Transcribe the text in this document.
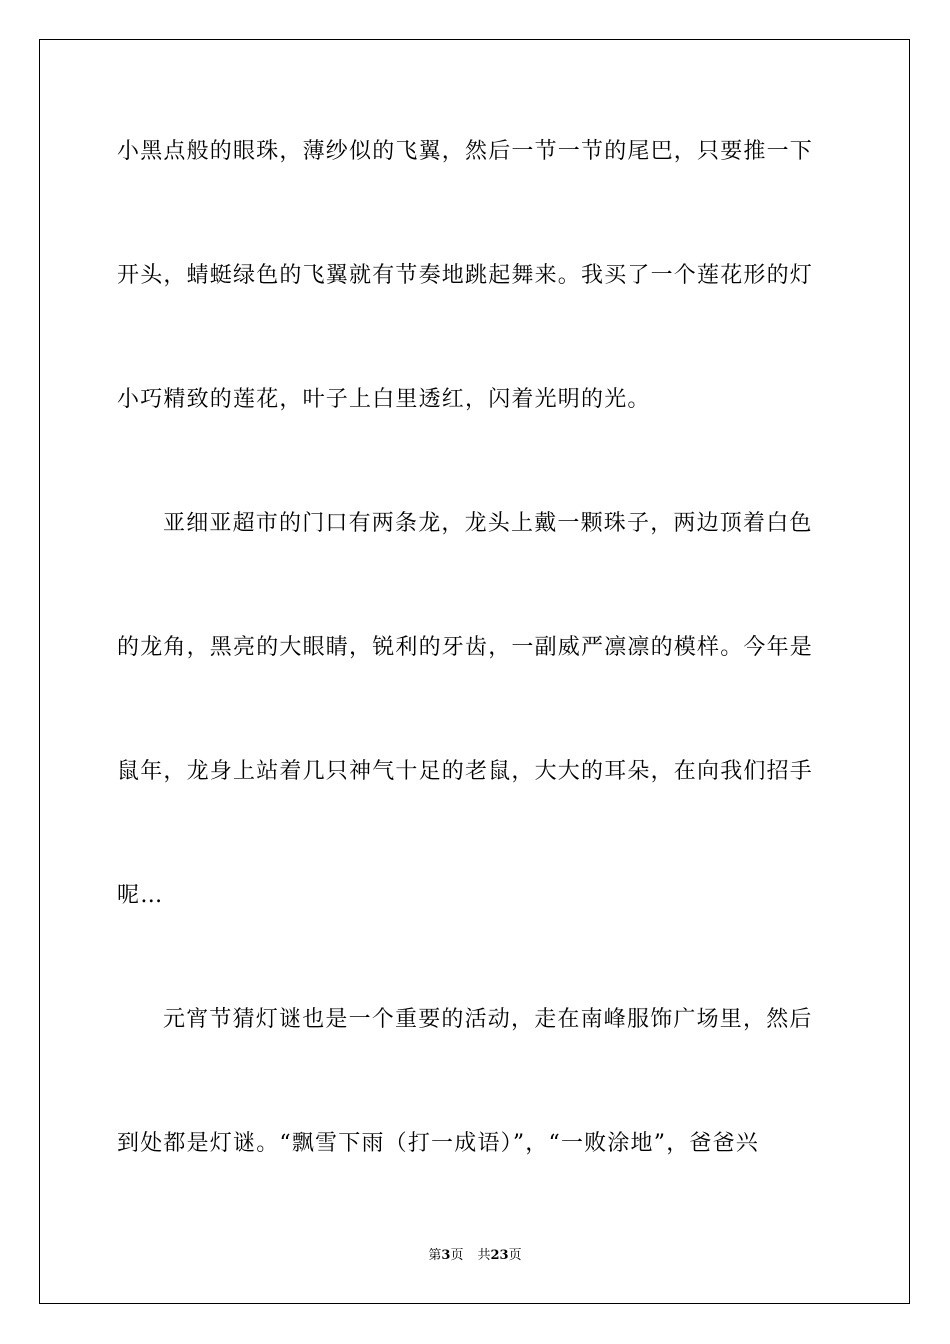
小黑点般的眼珠，薄纱似的飞翼，然后一节一节的尾巴，只要推一下
开头，蜻蜓绿色的飞翼就有节奏地跳起舞来。我买了一个莲花形的灯
小巧精致的莲花，叶子上白里透红，闪着光明的光。
亚细亚超市的门口有两条龙，龙头上戴一颗珠子，两边顶着白色
的龙角，黑亮的大眼睛，锐利的牙齿，一副威严凛凛的模样。今年是
鼠年，龙身上站着几只神气十足的老鼠，大大的耳朵，在向我们招手
呢…
元宵节猜灯谜也是一个重要的活动，走在南峰服饰广场里，然后
到处都是灯谜。“飘雪下雨（打一成语）”，“一败涂地”，爸爸兴
第3页 共23页
